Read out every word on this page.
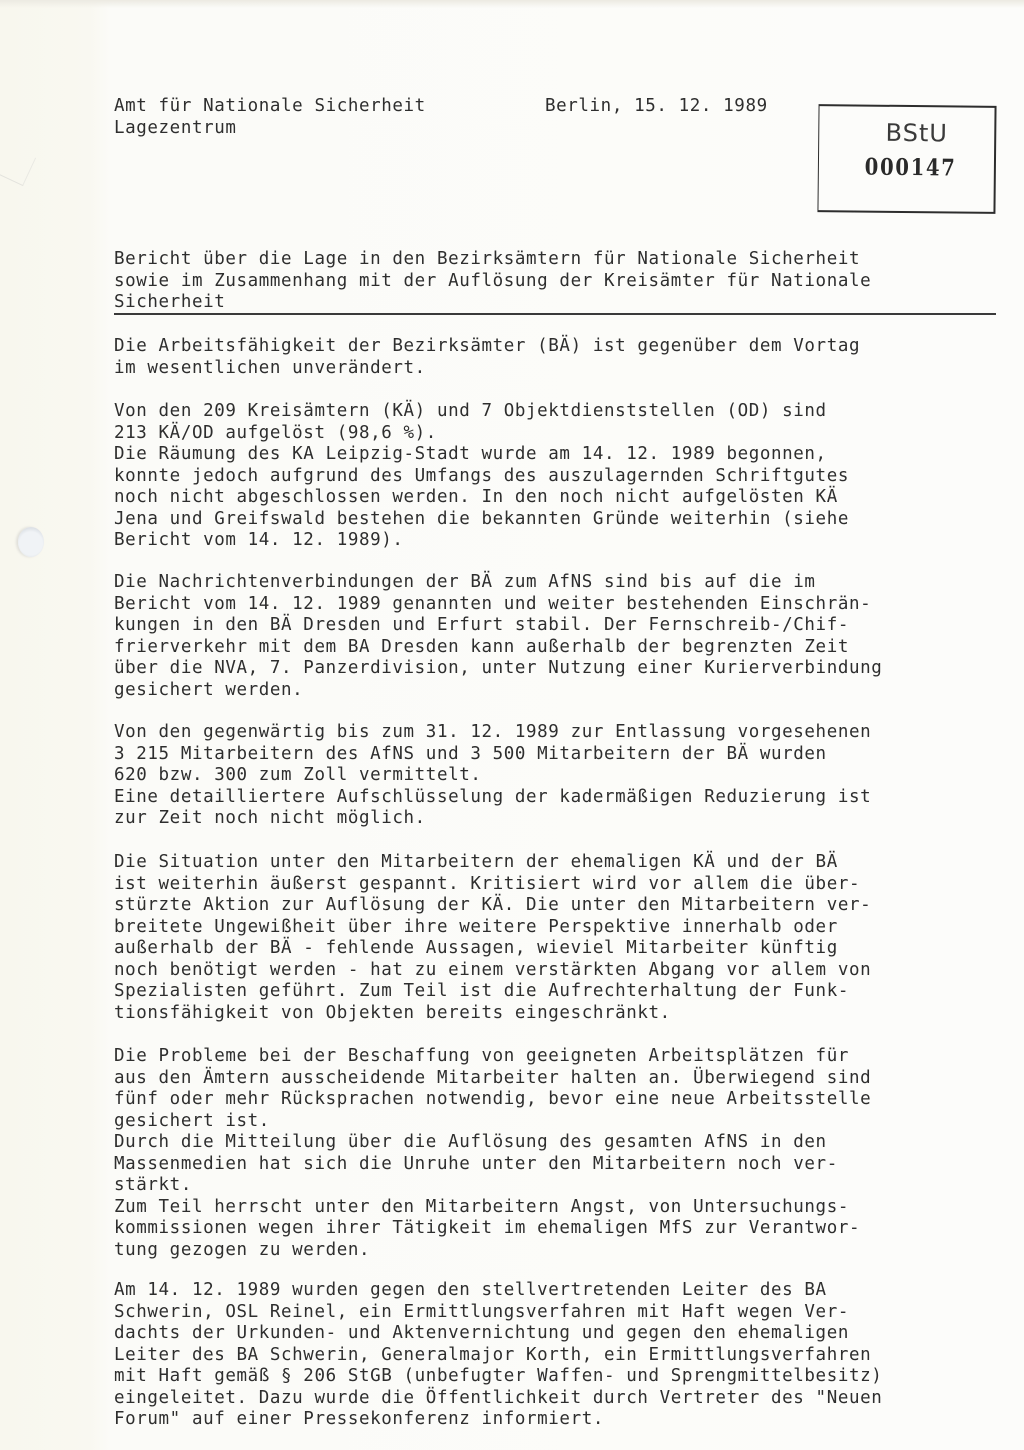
Amt für Nationale Sicherheit
Lagezentrum
Berlin, 15. 12. 1989
BStU
000147
Bericht über die Lage in den Bezirksämtern für Nationale Sicherheit
sowie im Zusammenhang mit der Auflösung der Kreisämter für Nationale
Sicherheit
Die Arbeitsfähigkeit der Bezirksämter (BÄ) ist gegenüber dem Vortag
im wesentlichen unverändert.
Von den 209 Kreisämtern (KÄ) und 7 Objektdienststellen (OD) sind
213 KÄ/OD aufgelöst (98,6 %).
Die Räumung des KA Leipzig-Stadt wurde am 14. 12. 1989 begonnen,
konnte jedoch aufgrund des Umfangs des auszulagernden Schriftgutes
noch nicht abgeschlossen werden. In den noch nicht aufgelösten KÄ
Jena und Greifswald bestehen die bekannten Gründe weiterhin (siehe
Bericht vom 14. 12. 1989).
Die Nachrichtenverbindungen der BÄ zum AfNS sind bis auf die im
Bericht vom 14. 12. 1989 genannten und weiter bestehenden Einschrän-
kungen in den BÄ Dresden und Erfurt stabil. Der Fernschreib-/Chif-
frierverkehr mit dem BA Dresden kann außerhalb der begrenzten Zeit
über die NVA, 7. Panzerdivision, unter Nutzung einer Kurierverbindung
gesichert werden.
Von den gegenwärtig bis zum 31. 12. 1989 zur Entlassung vorgesehenen
3 215 Mitarbeitern des AfNS und 3 500 Mitarbeitern der BÄ wurden
620 bzw. 300 zum Zoll vermittelt.
Eine detailliertere Aufschlüsselung der kadermäßigen Reduzierung ist
zur Zeit noch nicht möglich.
Die Situation unter den Mitarbeitern der ehemaligen KÄ und der BÄ
ist weiterhin äußerst gespannt. Kritisiert wird vor allem die über-
stürzte Aktion zur Auflösung der KÄ. Die unter den Mitarbeitern ver-
breitete Ungewißheit über ihre weitere Perspektive innerhalb oder
außerhalb der BÄ - fehlende Aussagen, wieviel Mitarbeiter künftig
noch benötigt werden - hat zu einem verstärkten Abgang vor allem von
Spezialisten geführt. Zum Teil ist die Aufrechterhaltung der Funk-
tionsfähigkeit von Objekten bereits eingeschränkt.
Die Probleme bei der Beschaffung von geeigneten Arbeitsplätzen für
aus den Ämtern ausscheidende Mitarbeiter halten an. Überwiegend sind
fünf oder mehr Rücksprachen notwendig, bevor eine neue Arbeitsstelle
gesichert ist.
Durch die Mitteilung über die Auflösung des gesamten AfNS in den
Massenmedien hat sich die Unruhe unter den Mitarbeitern noch ver-
stärkt.
Zum Teil herrscht unter den Mitarbeitern Angst, von Untersuchungs-
kommissionen wegen ihrer Tätigkeit im ehemaligen MfS zur Verantwor-
tung gezogen zu werden.
Am 14. 12. 1989 wurden gegen den stellvertretenden Leiter des BA
Schwerin, OSL Reinel, ein Ermittlungsverfahren mit Haft wegen Ver-
dachts der Urkunden- und Aktenvernichtung und gegen den ehemaligen
Leiter des BA Schwerin, Generalmajor Korth, ein Ermittlungsverfahren
mit Haft gemäß § 206 StGB (unbefugter Waffen- und Sprengmittelbesitz)
eingeleitet. Dazu wurde die Öffentlichkeit durch Vertreter des "Neuen
Forum" auf einer Pressekonferenz informiert.
